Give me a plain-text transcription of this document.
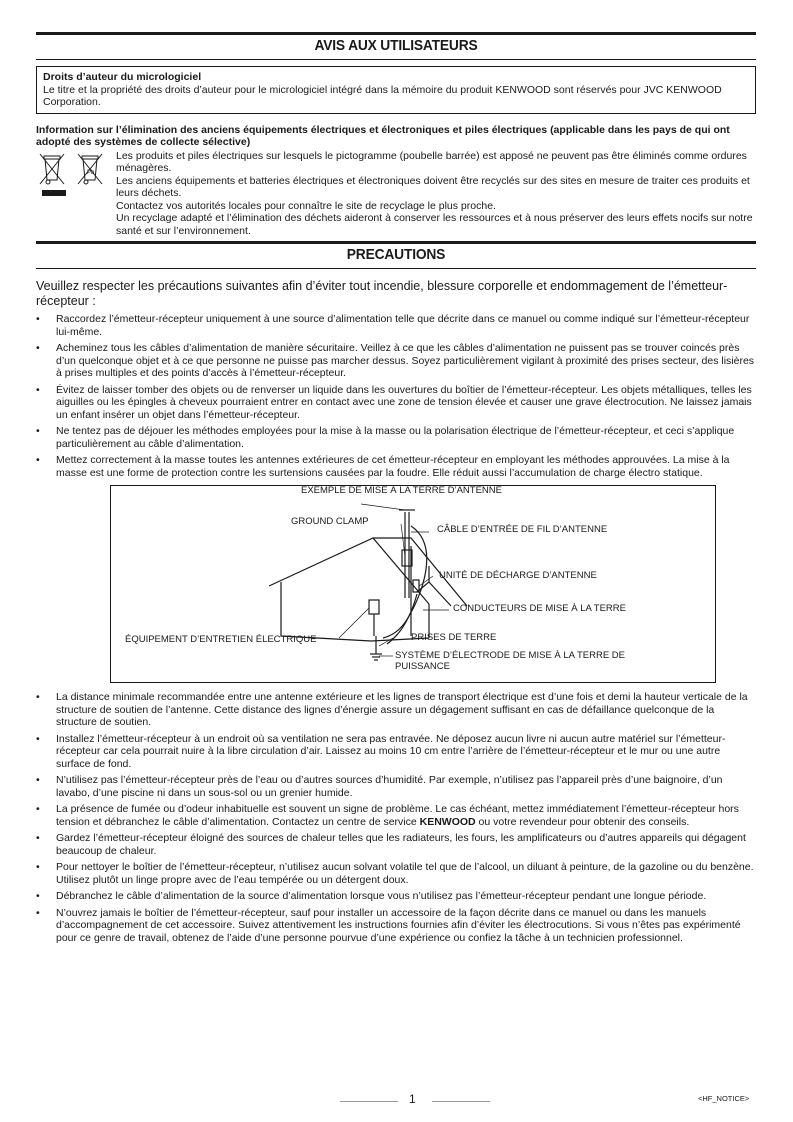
AVIS AUX UTILISATEURS
Droits d’auteur du micrologiciel
Le titre et la propriété des droits d’auteur pour le micrologiciel intégré dans la mémoire du produit KENWOOD sont réservés pour JVC KENWOOD Corporation.
Information sur l’élimination des anciens équipements électriques et électroniques et piles électriques (applicable dans les pays de qui ont adopté des systèmes de collecte sélective)
Pb

Les produits et piles électriques sur lesquels le pictogramme (poubelle barrée) est apposé ne peuvent pas être éliminés comme ordures ménagères.

Les anciens équipements et batteries électriques et électroniques doivent être recyclés sur des sites en mesure de traiter ces produits et leurs déchets.

Contactez vos autorités locales pour connaître le site de recyclage le plus proche.

Un recyclage adapté et l’élimination des déchets aideront à conserver les ressources et à nous préserver des leurs effets nocifs sur notre santé et sur l’environnement.

PRECAUTIONS
Veuillez respecter les précautions suivantes afin d’éviter tout incendie, blessure corporelle et endommagement de l’émetteur-récepteur :
• Raccordez l’émetteur-récepteur uniquement à une source d’alimentation telle que décrite dans ce manuel ou comme indiqué sur l’émetteur-récepteur lui-même.
• Acheminez tous les câbles d’alimentation de manière sécuritaire. Veillez à ce que les câbles d’alimentation ne puissent pas se trouver coincés près d’un quelconque objet et à ce que personne ne puisse pas marcher dessus. Soyez particulièrement vigilant à proximité des prises secteur, des lisières à prises multiples et des points d’accès à l’émetteur-récepteur.
• Évitez de laisser tomber des objets ou de renverser un liquide dans les ouvertures du boîtier de l’émetteur-récepteur. Les objets métalliques, telles les aiguilles ou les épingles à cheveux pourraient entrer en contact avec une zone de tension élevée et causer une grave électrocution. Ne laissez jamais un enfant insérer un objet dans l’émetteur-récepteur.
• Ne tentez pas de déjouer les méthodes employées pour la mise à la masse ou la polarisation électrique de l’émetteur-récepteur, et ceci s’applique particulièrement au câble d’alimentation.
• Mettez correctement à la masse toutes les antennes extérieures de cet émetteur-récepteur en employant les méthodes approuvées. La mise à la masse est une forme de protection contre les surtensions causées par la foudre. Elle réduit aussi l’accumulation de charge électro statique.
EXEMPLE DE MISE À LA TERRE D’ANTENNE
GROUND CLAMP
CÂBLE D’ENTRÉE DE FIL D’ANTENNE
UNITÉ DE DÉCHARGE D’ANTENNE
CONDUCTEURS DE MISE À LA TERRE
PRISES DE TERRE
ÉQUIPEMENT D’ENTRETIEN ÉLECTRIQUE
SYSTÈME D’ÉLECTRODE DE MISE À LA TERRE DE
PUISSANCE
• La distance minimale recommandée entre une antenne extérieure et les lignes de transport électrique est d’une fois et demi la hauteur verticale de la structure de soutien de l’antenne. Cette distance des lignes d’énergie assure un dégagement suffisant en cas de défaillance quelconque de la structure de soutien.
• Installez l’émetteur-récepteur à un endroit où sa ventilation ne sera pas entravée. Ne déposez aucun livre ni aucun autre matériel sur l’émetteur-récepteur car cela pourrait nuire à la libre circulation d’air. Laissez au moins 10 cm entre l’arrière de l’émetteur-récepteur et le mur ou une autre surface de fond.
• N’utilisez pas l’émetteur-récepteur près de l’eau ou d’autres sources d’humidité. Par exemple, n’utilisez pas l’appareil près d’une baignoire, d’un lavabo, d’une piscine ni dans un sous-sol ou un grenier humide.
• La présence de fumée ou d’odeur inhabituelle est souvent un signe de problème. Le cas échéant, mettez immédiatement l’émetteur-récepteur hors tension et débranchez le câble d’alimentation. Contactez un centre de service KENWOOD ou votre revendeur pour obtenir des conseils.
• Gardez l’émetteur-récepteur éloigné des sources de chaleur telles que les radiateurs, les fours, les amplificateurs ou d’autres appareils qui dégagent beaucoup de chaleur.
• Pour nettoyer le boîtier de l’émetteur-récepteur, n’utilisez aucun solvant volatile tel que de l’alcool, un diluant à peinture, de la gazoline ou du benzène. Utilisez plutôt un linge propre avec de l’eau tempérée ou un détergent doux.
• Débranchez le câble d’alimentation de la source d’alimentation lorsque vous n’utilisez pas l’émetteur-récepteur pendant une longue période.
• N’ouvrez jamais le boîtier de l’émetteur-récepteur, sauf pour installer un accessoire de la façon décrite dans ce manuel ou dans les manuels d’accompagnement de cet accessoire. Suivez attentivement les instructions fournies afin d’éviter les électrocutions. Si vous n’êtes pas expérimenté pour ce genre de travail, obtenez de l’aide d’une personne pourvue d’une expérience ou confiez la tâche à un technicien professionnel.
1	<HF_NOTICE>
